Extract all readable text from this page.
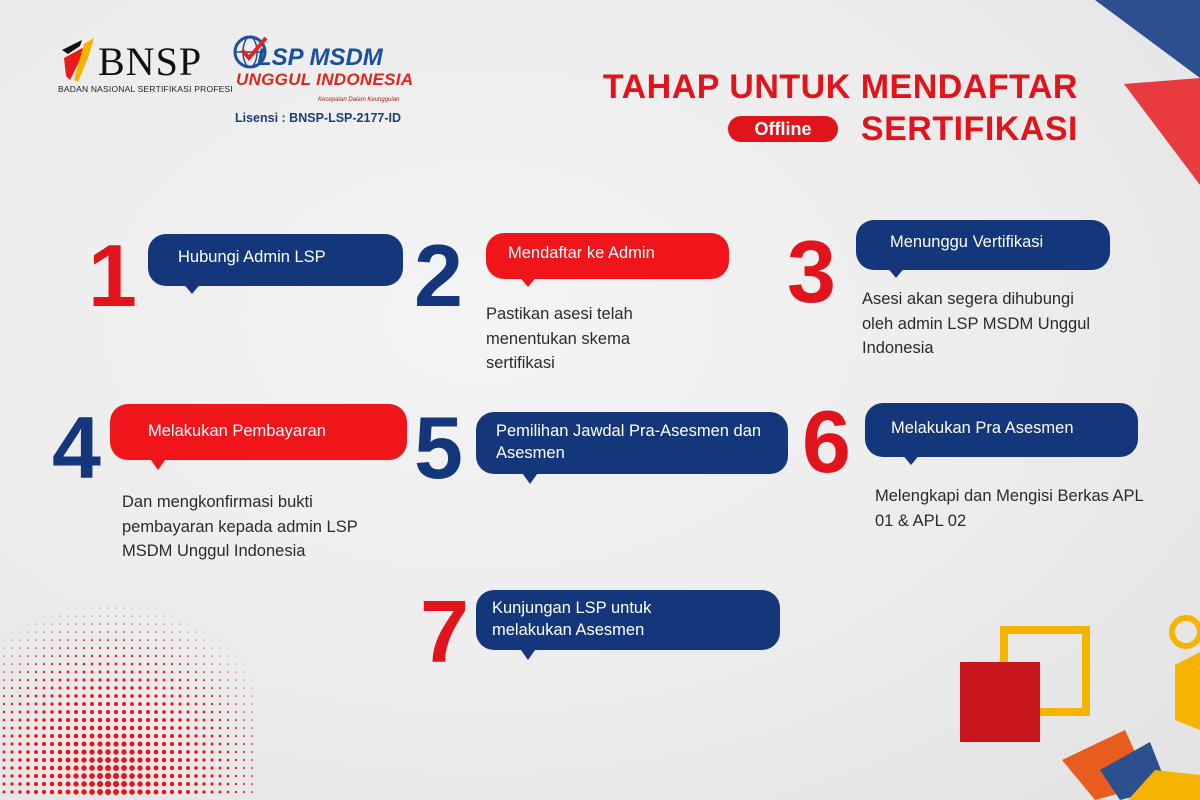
BNSP
BADAN NASIONAL SERTIFIKASI PROFESI
LSP MSDM
UNGGUL INDONESIA
Kecepatan Dalam Keunggulan
Lisensi : BNSP-LSP-2177-ID
TAHAP UNTUK MENDAFTAR
Offline	SERTIFIKASI
1	Hubungi Admin LSP	2	Mendaftar ke Admin
Pastikan asesi telah menentukan skema sertifikasi
3	Menunggu Vertifikasi
Asesi akan segera dihubungi oleh admin LSP MSDM Unggul Indonesia
4	Melakukan Pembayaran
Dan mengkonfirmasi bukti pembayaran kepada admin LSP MSDM Unggul Indonesia
5 Pemilihan Jawdal Pra-Asesmen dan Asesmen	6	Melakukan Pra Asesmen
Melengkapi dan Mengisi Berkas APL 01 & APL 02
7 Kunjungan LSP untuk melakukan Asesmen
